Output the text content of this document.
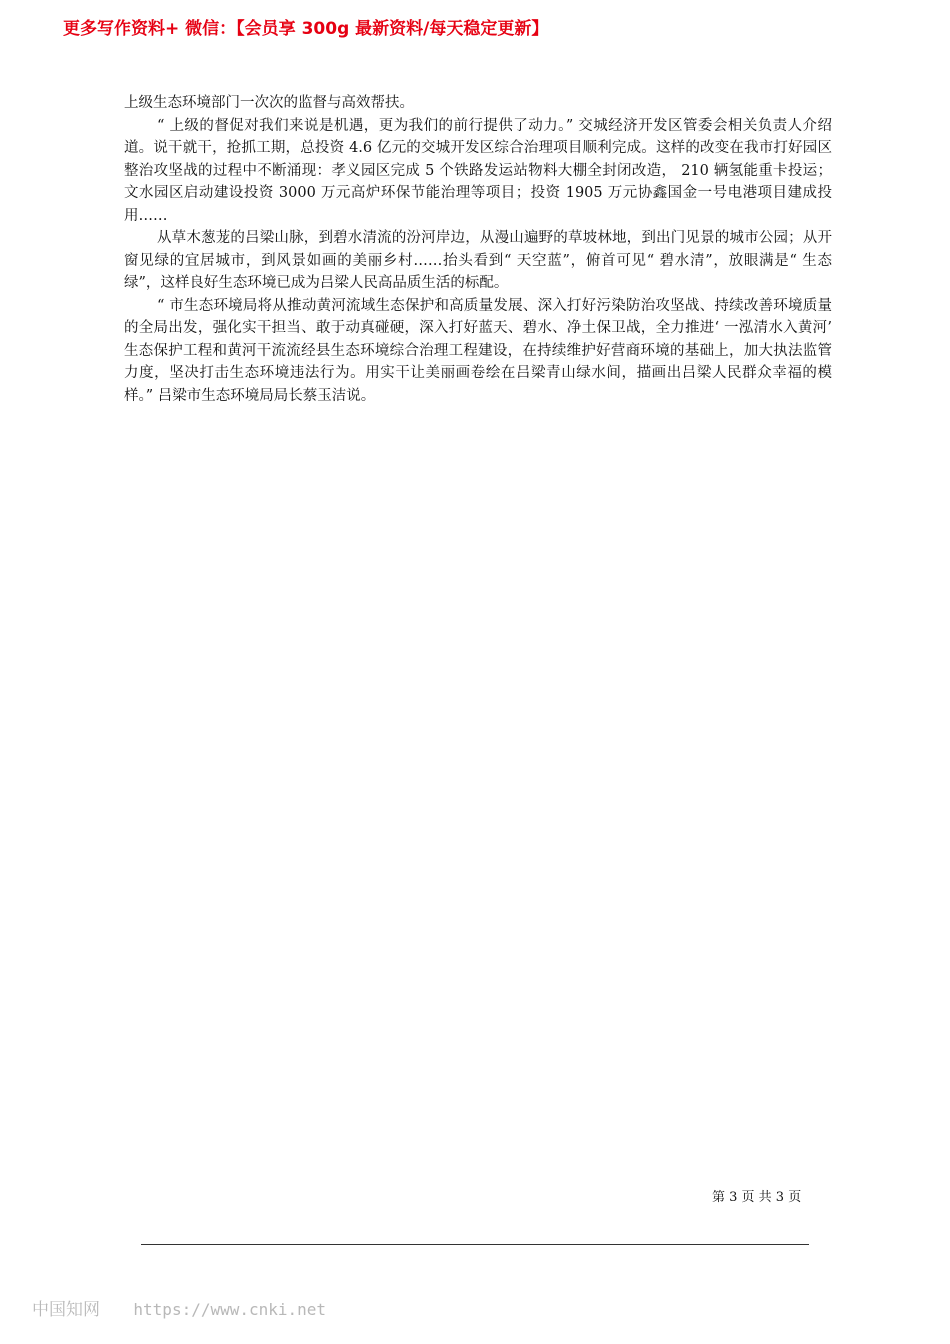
更多写作资料+ 微信：【会员享 300g 最新资料/每天稳定更新】

上级生态环境部门一次次的监督与高效帮扶。

“ 上级的督促对我们来说是机遇，更为我们的前行提供了动力。” 交城经济开发区管委会相关负责人介绍道。说干就干，抢抓工期，总投资 4.6 亿元的交城开发区综合治理项目顺利完成。这样的改变在我市打好园区整治攻坚战的过程中不断涌现：孝义园区完成 5 个铁路发运站物料大棚全封闭改造， 210 辆氢能重卡投运； 文水园区启动建设投资 3000 万元高炉环保节能治理等项目；投资 1905 万元协鑫国金一号电港项目建成投用……

从草木葱茏的吕梁山脉，到碧水清流的汾河岸边，从漫山遍野的草坡林地，到出门见景的城市公园；从开窗见绿的宜居城市，到风景如画的美丽乡村……抬头看到“ 天空蓝”，俯首可见“ 碧水清”，放眼满是“ 生态绿”，这样良好生态环境已成为吕梁人民高品质生活的标配。

“ 市生态环境局将从推动黄河流域生态保护和高质量发展、深入打好污染防治攻坚战、持续改善环境质量的全局出发，强化实干担当、敢于动真碰硬，深入打好蓝天、碧水、净土保卫战，全力推进‘ 一泓清水入黄河’ 生态保护工程和黄河干流流经县生态环境综合治理工程建设，在持续维护好营商环境的基础上，加大执法监管力度，坚决打击生态环境违法行为。用实干让美丽画卷绘在吕梁青山绿水间，描画出吕梁人民群众幸福的模样。” 吕梁市生态环境局局长蔡玉洁说。

第 3 页 共 3 页
中国知网 https://www.cnki.net
